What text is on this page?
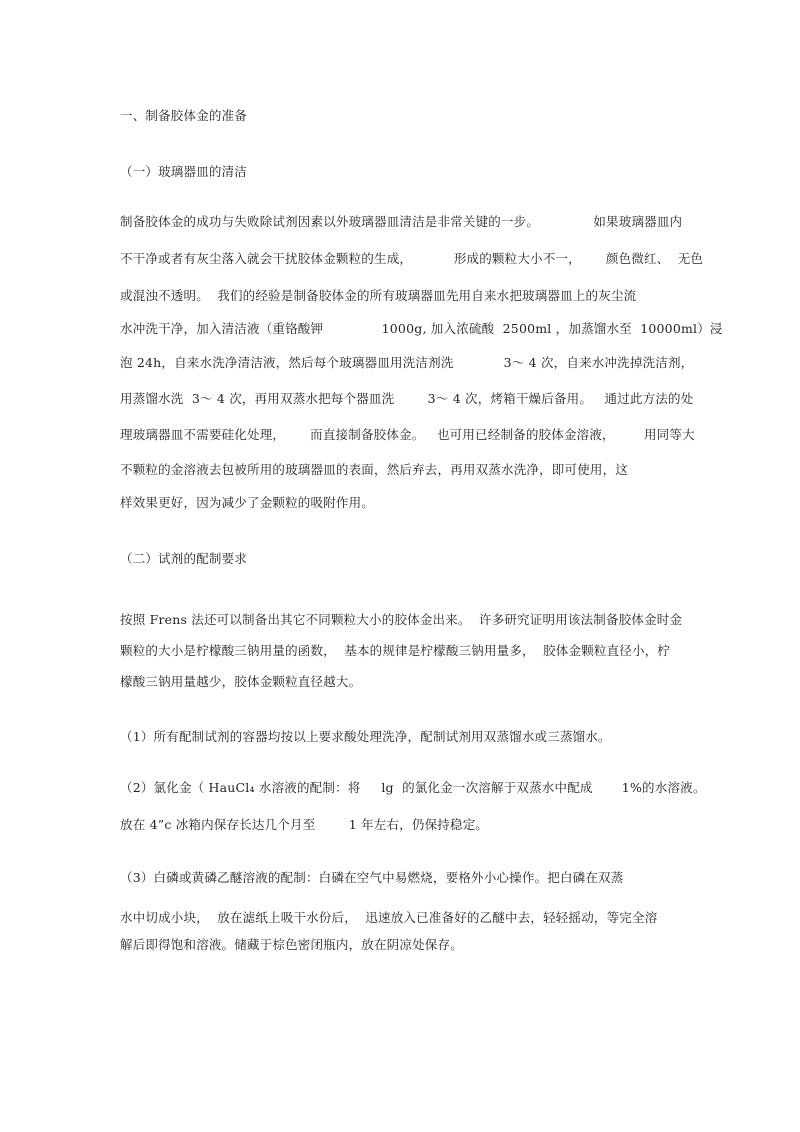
一、制备胶体金的准备
（一）玻璃器皿的清洁
制备胶体金的成功与失败除试剂因素以外玻璃器皿清洁是非常关键的一步。             如果玻璃器皿内
不干净或者有灰尘落入就会干扰胶体金颗粒的生成，          形成的颗粒大小不一，      颜色微红、  无色
或混浊不透明。  我们的经验是制备胶体金的所有玻璃器皿先用自来水把玻璃器皿上的灰尘流
水冲洗干净，加入清洁液（重铬酸钾              1000g, 加入浓硫酸  2500ml ，加蒸馏水至  10000ml）浸
泡 24h，自来水洗净清洁液，然后每个玻璃器皿用洗洁剂洗            3～ 4 次，自来水冲洗掉洗洁剂，
用蒸馏水洗  3～ 4 次，再用双蒸水把每个器皿洗        3～ 4 次，烤箱干燥后备用。   通过此方法的处
理玻璃器皿不需要硅化处理，      而直接制备胶体金。   也可用已经制备的胶体金溶液，       用同等大
不颗粒的金溶液去包被所用的玻璃器皿的表面，然后弃去，再用双蒸水洗净，即可使用，这
样效果更好，因为减少了金颗粒的吸附作用。
（二）试剂的配制要求
按照 Frens 法还可以制备出其它不同颗粒大小的胶体金出来。  许多研究证明用该法制备胶体金时金
颗粒的大小是柠檬酸三钠用量的函数，  基本的规律是柠檬酸三钠用量多，  胶体金颗粒直径小，柠
檬酸三钠用量越少，胶体金颗粒直径越大。
（1）所有配制试剂的容器均按以上要求酸处理洗净，配制试剂用双蒸馏水或三蒸馏水。
（2）氯化金（ HauCl₄ 水溶液的配制：将     lg  的氯化金一次溶解于双蒸水中配成       1%的水溶液。
放在 4”c 冰箱内保存长达几个月至        1 年左右，仍保持稳定。
（3）白磷或黄磷乙醚溶液的配制：白磷在空气中易燃烧，要格外小心操作。把白磷在双蒸
水中切成小块，  放在滤纸上吸干水份后，  迅速放入已准备好的乙醚中去，轻轻摇动，等完全溶
解后即得饱和溶液。储藏于棕色密闭瓶内，放在阴凉处保存。
